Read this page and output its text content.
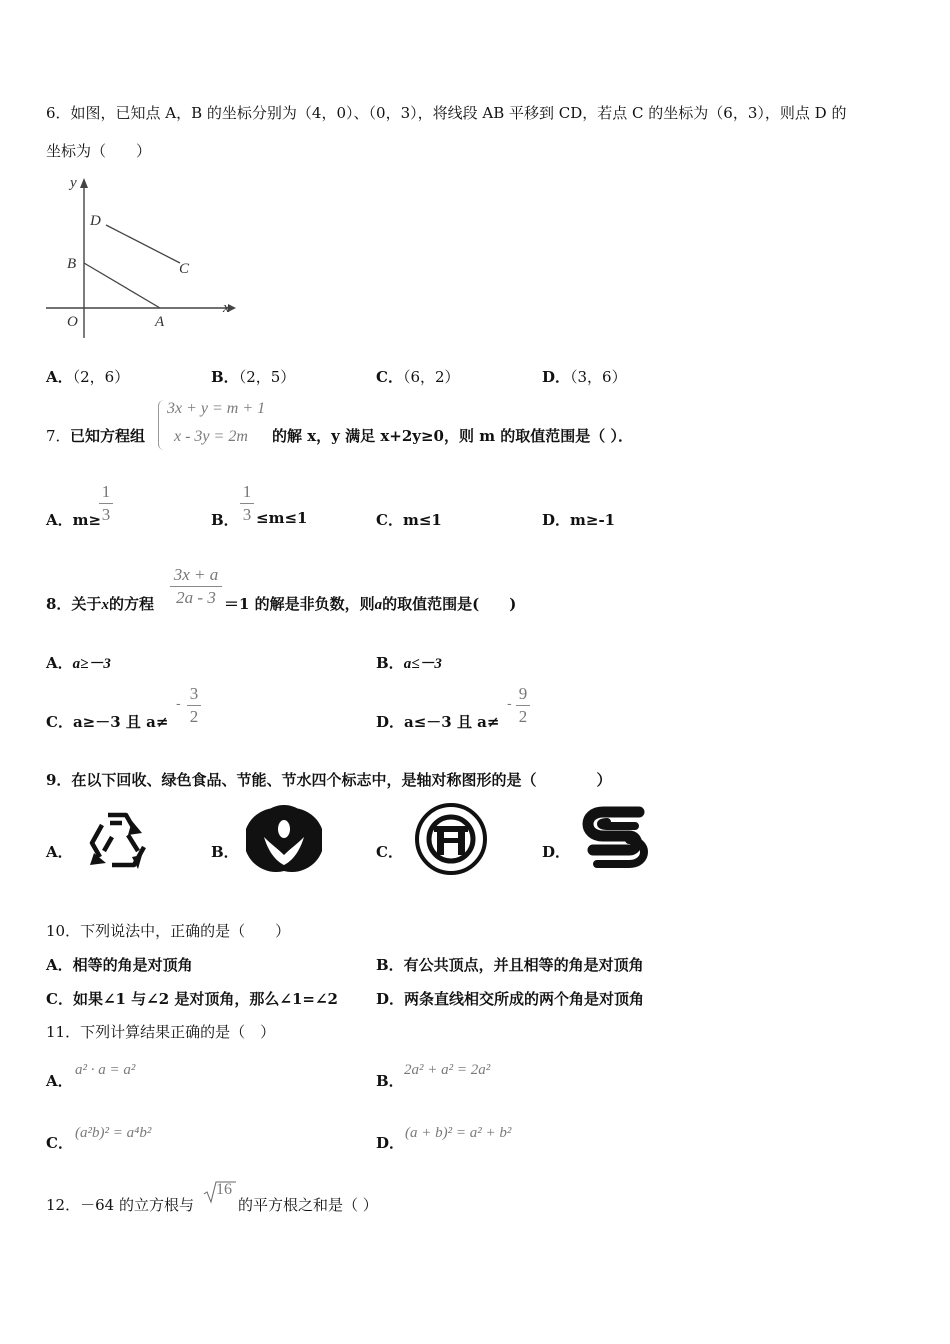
6．如图，已知点 A，B 的坐标分别为（4，0）、（0，3），将线段 AB 平移到 CD，若点 C 的坐标为（6，3），则点 D 的
坐标为（　　）
y
x
D
C
B
O	A
A．（2，6）	B．（2，5）	C．（6，2）	D．（3，6）
7． 已知方程组
3x + y = m + 1
x - 3y = 2m 的解 x，y 满足 x+2y≥0，则 m 的取值范围是（ ）．
A．m≥
1
3	B．
1
3 ≤m≤1	C．m≤1	D．m≥-1
8．关于x的方程
3x + a
2a - 3 ＝1 的解是非负数，则a的取值范围是(　　)
A．a≥－3	B．a≤－3
C．a≥－3 且 a≠
-
3
2	D．a≤－3 且 a≠
-
9
2
9．在以下回收、绿色食品、节能、节水四个标志中，是轴对称图形的是（　　　　）
A．	B．	C．	D．
10．下列说法中，正确的是（　　）
A．相等的角是对顶角	B．有公共顶点，并且相等的角是对顶角
C．如果∠1 与∠2 是对顶角，那么∠1=∠2	D．两条直线相交所成的两个角是对顶角
11．下列计算结果正确的是（　）
A．
a² · a = a²
B．
2a² + a² = 2a²
C．
(a²b)² = a⁴b²
D．
(a + b)² = a² + b²
12．－64 的立方根与
16
的平方根之和是（ ）
